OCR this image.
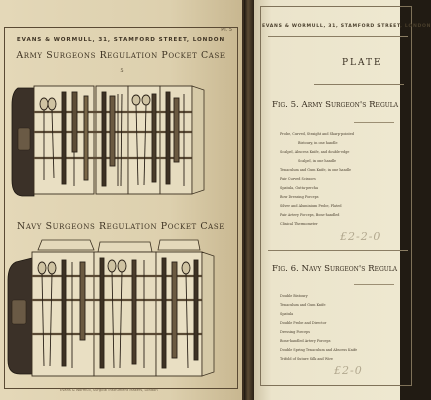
Pl. 5
EVANS & WORMULL, 31, STAMFORD STREET, LONDON
Army Surgeons Regulation Pocket Case
Navy Surgeons Regulation Pocket Case
5
Evans & Wormull, Surgical Instrument Makers, London
EVANS & WORMULL, 31, STAMFORD STREET, LONDON
PLATE
Fig. 5. Army Surgeon's Regula
Probe, Curved, Straight and Sharp-pointed
Bistoury, in one handle
Scalpel, Abscess Knife, and double-edge
Scalpel, in one handle
Tenaculum and Gum Knife, in one handle
Pair Curved Scissors
Spatula, Gutta-percha
Bow Dressing Forceps
Silver and Aluminium Probe, Plated
Pair Artery Forceps, Bone-handled
Clinical Thermometer
£2-2-0
Fig. 6. Navy Surgeon's Regula
Double Bistoury
Tenaculum and Gum Knife
Spatula
Double Probe and Director
Dressing Forceps
Bone-handled Artery Forceps
Double Spring Tenaculum and Abscess Knife
Trifold of Suture Silk and Wire
£2-0
